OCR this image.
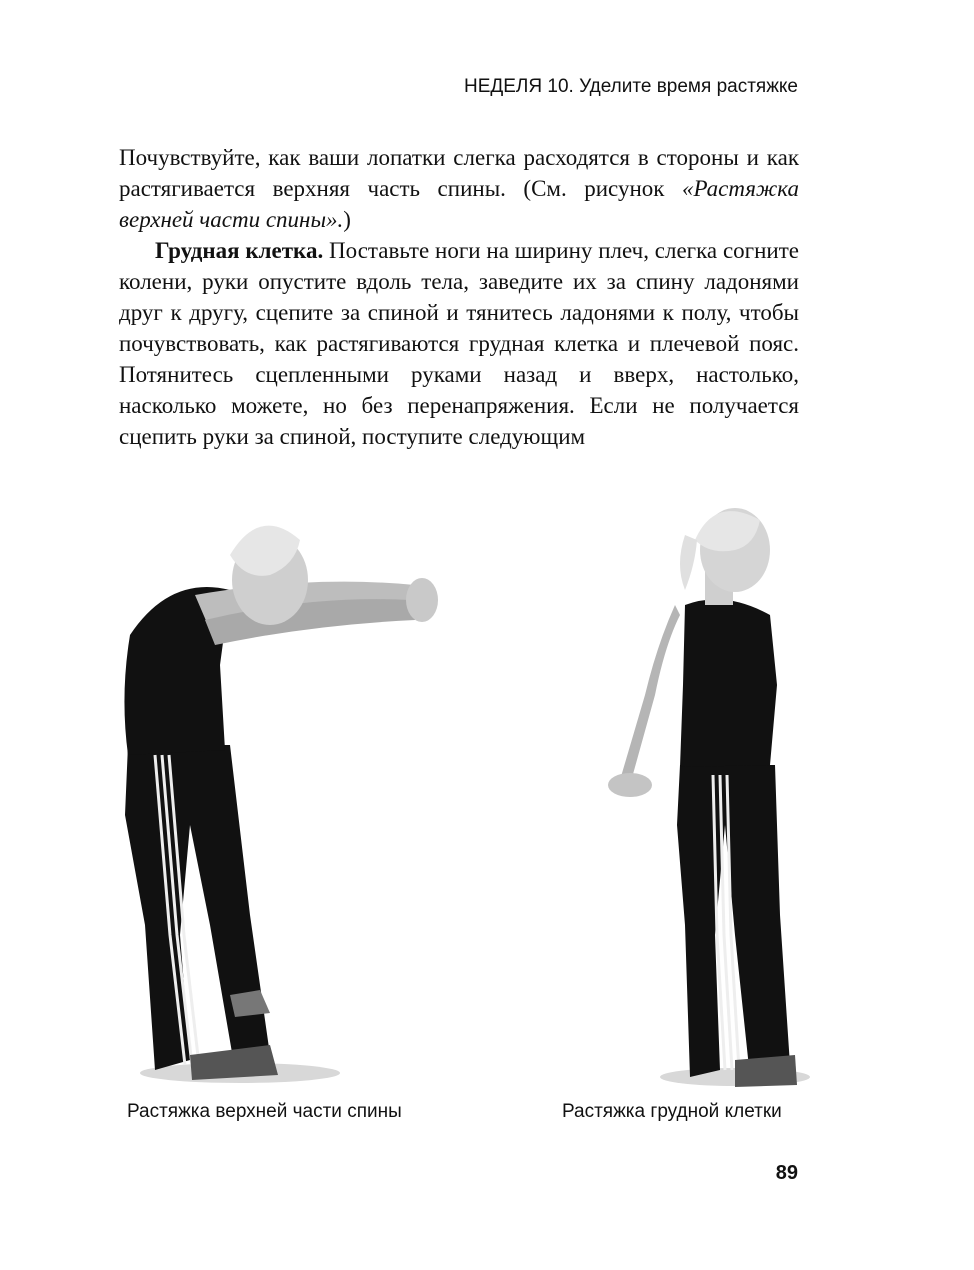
НЕДЕЛЯ 10. Уделите время растяжке

Почувствуйте, как ваши лопатки слегка расходятся в стороны и как растягивается верхняя часть спины. (См. рисунок «Растяжка верхней части спины».)

Грудная клетка. Поставьте ноги на ширину плеч, слегка согните колени, руки опустите вдоль тела, заведите их за спину ладонями друг к другу, сцепите за спиной и тянитесь ладонями к полу, чтобы почувствовать, как растягиваются грудная клетка и плечевой пояс. Потянитесь сцепленными руками назад и вверх, настолько, насколько можете, но без перенапряжения. Если не получается сцепить руки за спиной, поступите следующим

Растяжка верхней части спины	Растяжка грудной клетки
89
